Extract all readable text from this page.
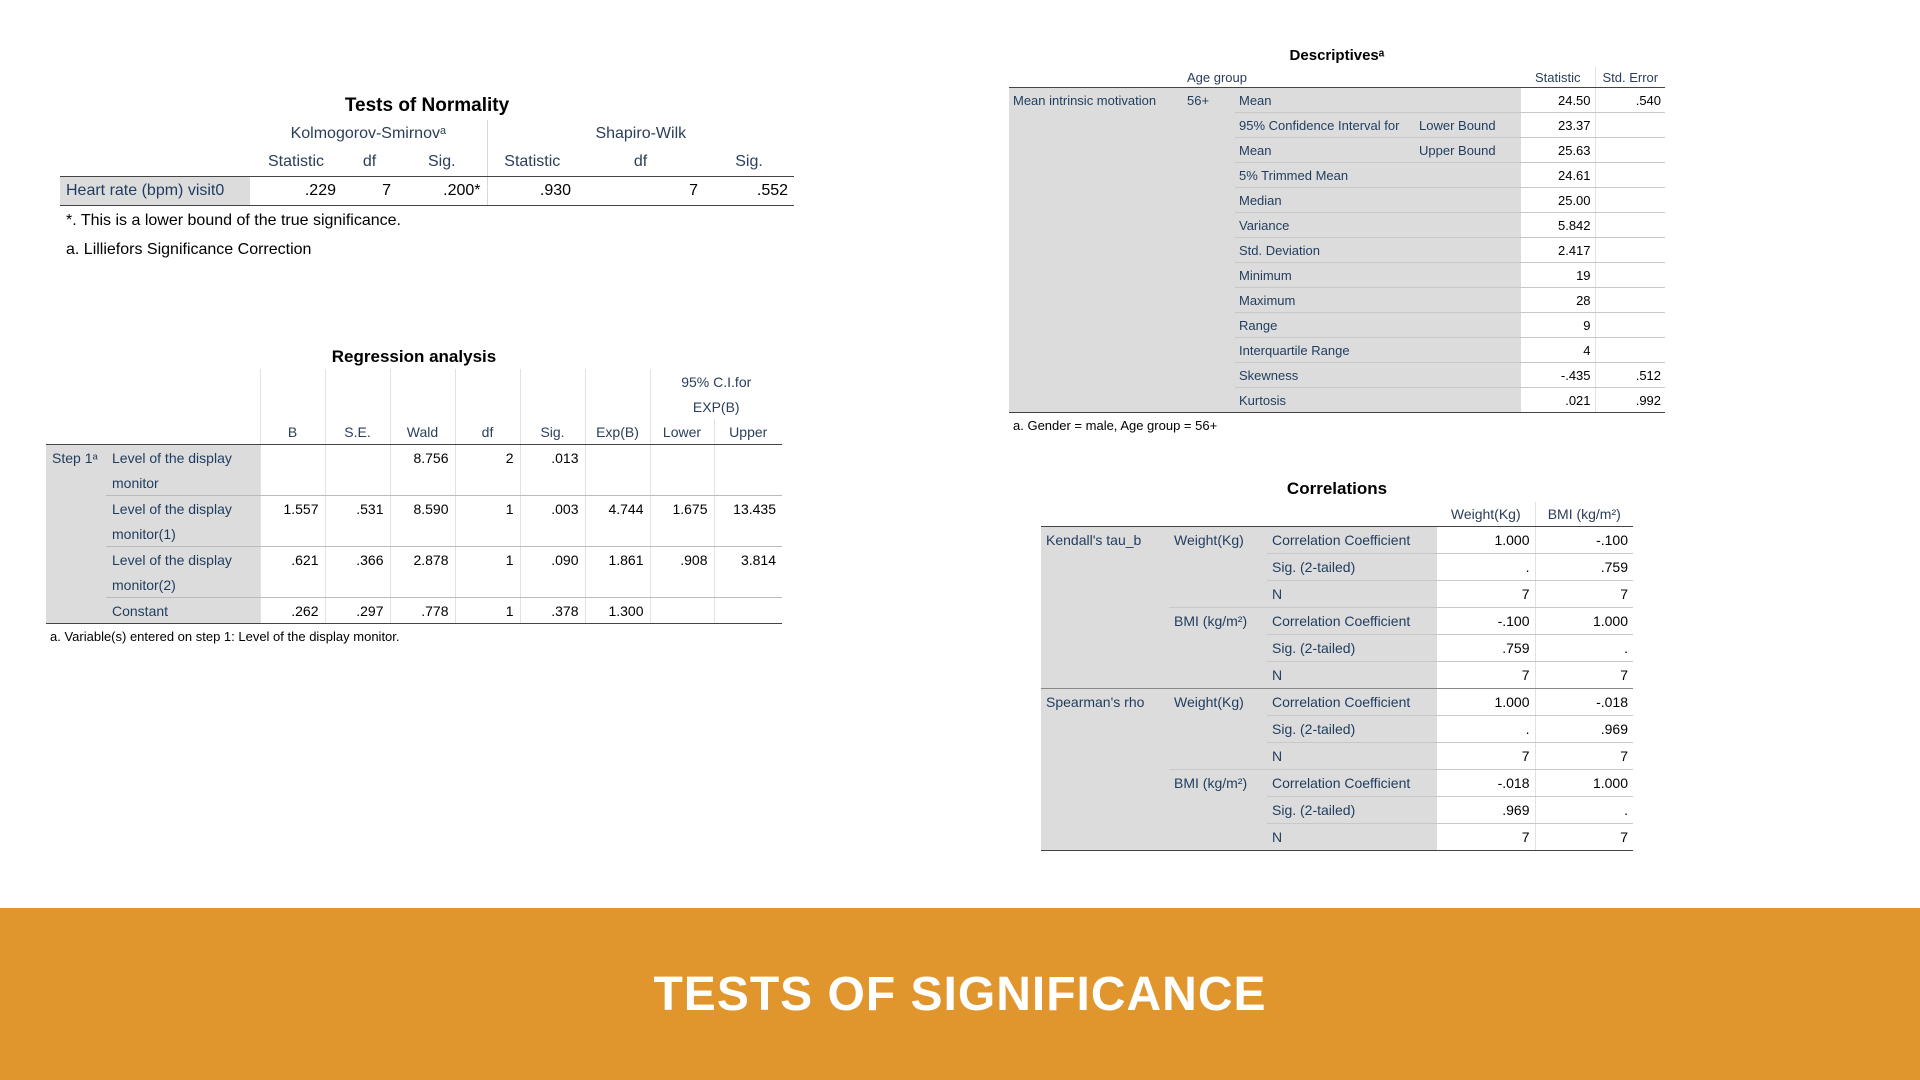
Tests of Normality
	Kolmogorov-Smirnovᵃ			Shapiro-Wilk		
	Statistic	df	Sig.	Statistic	df	Sig.
Heart rate (bpm) visit0	.229	7	.200*	.930	7	.552
*. This is a lower bound of the true significance.
a. Lilliefors Significance Correction
Regression analysis
								95% C.I.for	
								EXP(B)	
		B	S.E.	Wald	df	Sig.	Exp(B)	Lower	Upper
Step 1ᵃ	Level of the display			8.756	2	.013			
	monitor								
	Level of the display	1.557	.531	8.590	1	.003	4.744	1.675	13.435
	monitor(1)								
	Level of the display	.621	.366	2.878	1	.090	1.861	.908	3.814
	monitor(2)								
	Constant	.262	.297	.778	1	.378	1.300		
a. Variable(s) entered on step 1: Level of the display monitor.
Descriptivesᵃ
	Age group			Statistic	Std. Error
Mean intrinsic motivation	56+	Mean		24.50	.540
		95% Confidence Interval for	Lower Bound	23.37	
		Mean	Upper Bound	25.63	
		5% Trimmed Mean		24.61	
		Median		25.00	
		Variance		5.842	
		Std. Deviation		2.417	
		Minimum		19	
		Maximum		28	
		Range		9	
		Interquartile Range		4	
		Skewness		-.435	.512
		Kurtosis		.021	.992
a. Gender = male, Age group = 56+
Correlations
			Weight(Kg)	BMI (kg/m²)
Kendall's tau_b	Weight(Kg)	Correlation Coefficient	1.000	-.100
		Sig. (2-tailed)	.	.759
		N	7	7
	BMI (kg/m²)	Correlation Coefficient	-.100	1.000
		Sig. (2-tailed)	.759	.
		N	7	7
Spearman's rho	Weight(Kg)	Correlation Coefficient	1.000	-.018
		Sig. (2-tailed)	.	.969
		N	7	7
	BMI (kg/m²)	Correlation Coefficient	-.018	1.000
		Sig. (2-tailed)	.969	.
		N	7	7
TESTS OF SIGNIFICANCE
